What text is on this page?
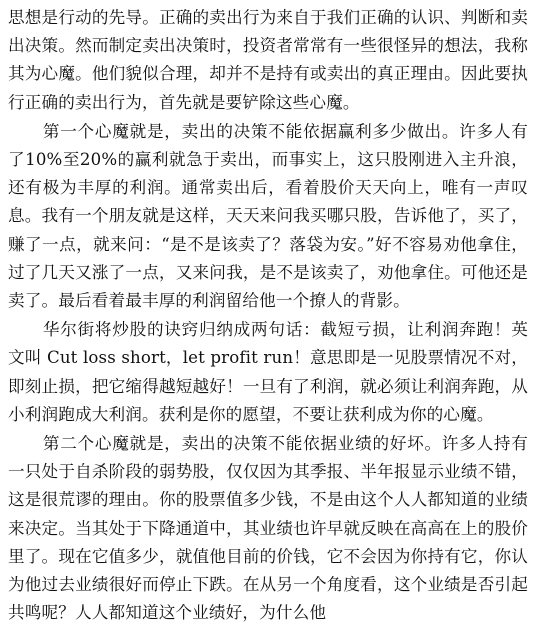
思想是行动的先导。正确的卖出行为来自于我们正确的认识、判断和卖出决策。然而制定卖出决策时，投资者常常有一些很怪异的想法，我称其为心魔。他们貌似合理，却并不是持有或卖出的真正理由。因此要执行正确的卖出行为，首先就是要铲除这些心魔。

第一个心魔就是，卖出的决策不能依据赢利多少做出。许多人有了10%至20%的赢利就急于卖出，而事实上，这只股刚进入主升浪，还有极为丰厚的利润。通常卖出后，看着股价天天向上，唯有一声叹息。我有一个朋友就是这样，天天来问我买哪只股，告诉他了，买了，赚了一点，就来问：“是不是该卖了？落袋为安。”好不容易劝他拿住，过了几天又涨了一点，又来问我，是不是该卖了，劝他拿住。可他还是卖了。最后看着最丰厚的利润留给他一个撩人的背影。

华尔街将炒股的诀窍归纳成两句话：截短亏损，让利润奔跑！英文叫 Cut loss short，let profit run！意思即是一见股票情况不对，即刻止损，把它缩得越短越好！一旦有了利润，就必须让利润奔跑，从小利润跑成大利润。获利是你的愿望，不要让获利成为你的心魔。

第二个心魔就是，卖出的决策不能依据业绩的好坏。许多人持有一只处于自杀阶段的弱势股，仅仅因为其季报、半年报显示业绩不错，这是很荒谬的理由。你的股票值多少钱，不是由这个人人都知道的业绩来决定。当其处于下降通道中，其业绩也许早就反映在高高在上的股价里了。现在它值多少，就值他目前的价钱，它不会因为你持有它，你认为他过去业绩很好而停止下跌。在从另一个角度看，这个业绩是否引起共鸣呢？人人都知道这个业绩好，为什么他
